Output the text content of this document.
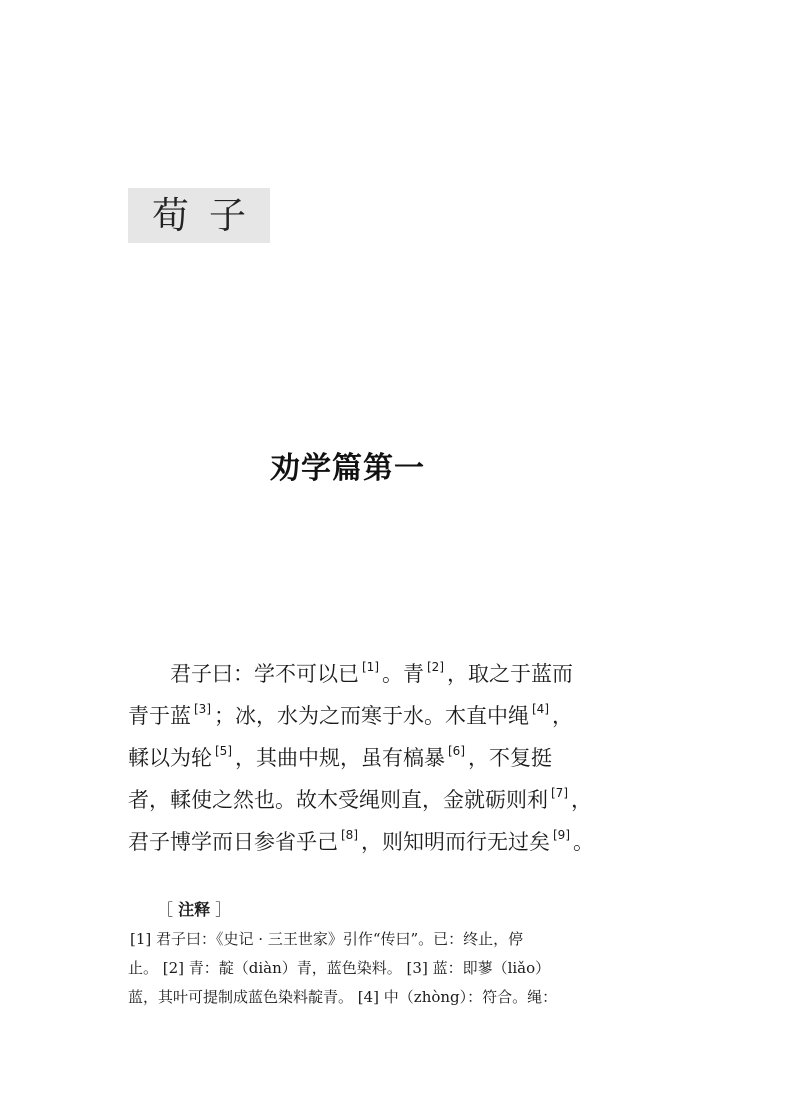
荀 子
劝学篇第一
君子曰：学不可以已 [1] 。青 [2] ，取之于蓝而
青于蓝 [3] ；冰，水为之而寒于水。木直中绳 [4] ，
輮以为轮 [5] ，其曲中规，虽有槁暴 [6] ，不复挺
者，輮使之然也。故木受绳则直，金就砺则利 [7] ，
君子博学而日参省乎己 [8] ，则知明而行无过矣 [9] 。
［ 注释 ］
[1] 君子曰：《史记 · 三王世家》引作“传曰”。已：终止，停
止。 [2] 青：靛（diàn）青，蓝色染料。 [3] 蓝：即蓼（liǎo）
蓝，其叶可提制成蓝色染料靛青。 [4] 中（zhòng）：符合。绳：
